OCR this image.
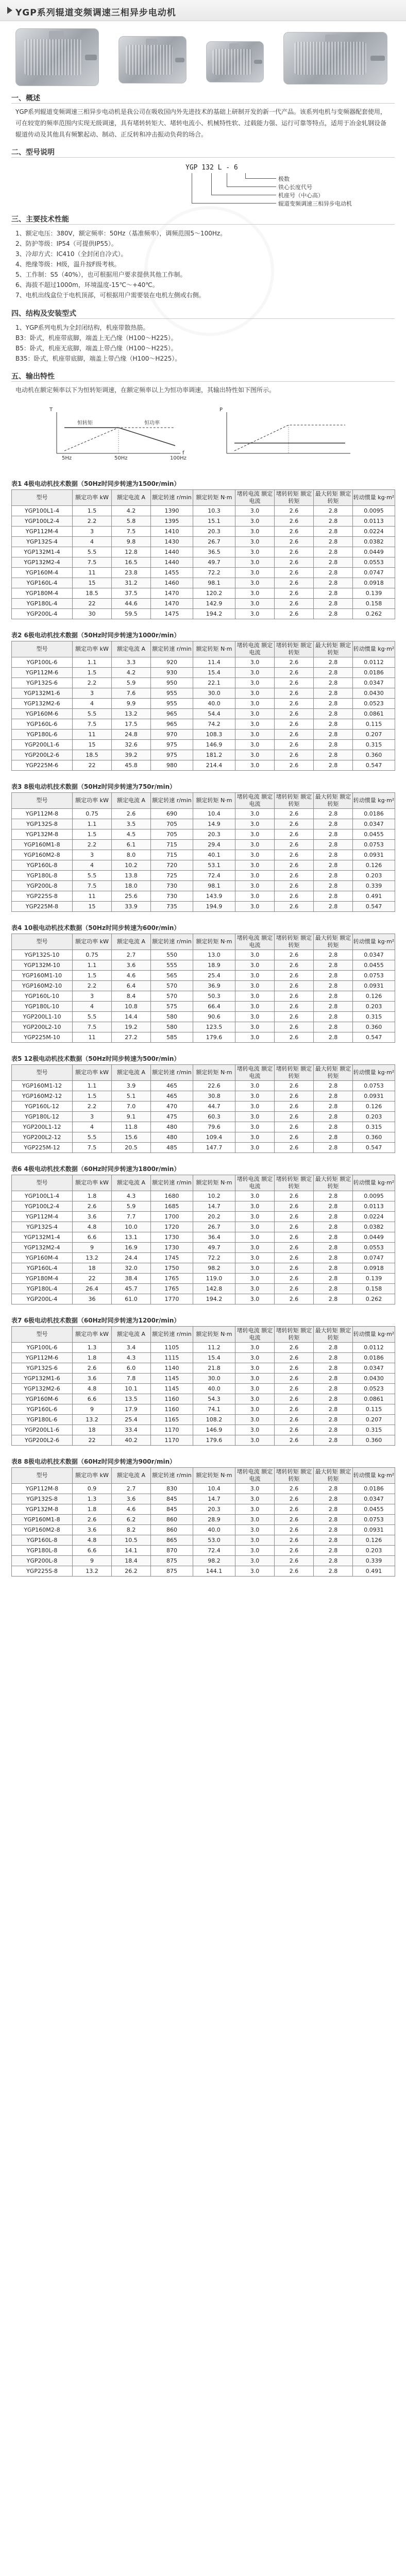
YGP系列辊道变频调速三相异步电动机
一、概述
YGP系列辊道变频调速三相异步电动机是我公司在吸收国内外先进技术的基础上研制开发的新一代产品。该系列电机与变频器配套使用，可在较宽的频率范围内实现无级调速，具有堵转转矩大、堵转电流小、机械特性软、过载能力强、运行可靠等特点，适用于冶金轧钢设备辊道传动及其他具有频繁起动、制动、正反转和冲击振动负荷的场合。
二、型号说明
YGP 132 L - 6
极数
铁心长度代号
机座号（中心高）
辊道变频调速三相异步电动机
三、主要技术性能
1、额定电压：380V，额定频率：50Hz（基准频率），调频范围5～100Hz。
2、防护等级：IP54（可提供IP55）。
3、冷却方式：IC410（全封闭自冷式）。
4、绝缘等级：H级，温升按F级考核。
5、工作制：S5（40%），也可根据用户要求提供其他工作制。
6、海拔不超过1000m，环境温度-15℃～+40℃。
7、电机出线盒位于电机顶部，可根据用户需要装在电机左侧或右侧。
四、结构及安装型式
1、YGP系列电机为全封闭结构，机座带散热筋。
B3：卧式，机座带底脚，端盖上无凸缘（H100～H225）。
B5：卧式，机座无底脚，端盖上带凸缘（H100～H225）。
B35：卧式，机座带底脚，端盖上带凸缘（H100～H225）。
五、输出特性
电动机在额定频率以下为恒转矩调速，在额定频率以上为恒功率调速，其输出特性如下图所示。
T	P
f
恒转矩	恒功率
5Hz	50Hz	100Hz
表1 4极电动机技术数据（50Hz时同步转速为1500r/min）
型号	额定功率 kW	额定电流 A	额定转速 r/min	额定转矩 N·m	堵转电流 额定电流	堵转转矩 额定转矩	最大转矩 额定转矩	转动惯量 kg·m²
YGP100L1-4	1.5	4.2	1390	10.3	3.0	2.6	2.8	0.0095
YGP100L2-4	2.2	5.8	1395	15.1	3.0	2.6	2.8	0.0113
YGP112M-4	3	7.5	1410	20.3	3.0	2.6	2.8	0.0224
YGP132S-4	4	9.8	1430	26.7	3.0	2.6	2.8	0.0382
YGP132M1-4	5.5	12.8	1440	36.5	3.0	2.6	2.8	0.0449
YGP132M2-4	7.5	16.5	1440	49.7	3.0	2.6	2.8	0.0553
YGP160M-4	11	23.8	1455	72.2	3.0	2.6	2.8	0.0747
YGP160L-4	15	31.2	1460	98.1	3.0	2.6	2.8	0.0918
YGP180M-4	18.5	37.5	1470	120.2	3.0	2.6	2.8	0.139
YGP180L-4	22	44.6	1470	142.9	3.0	2.6	2.8	0.158
YGP200L-4	30	59.5	1475	194.2	3.0	2.6	2.8	0.262
表2 6极电动机技术数据（50Hz时同步转速为1000r/min）
型号	额定功率 kW	额定电流 A	额定转速 r/min	额定转矩 N·m	堵转电流 额定电流	堵转转矩 额定转矩	最大转矩 额定转矩	转动惯量 kg·m²
YGP100L-6	1.1	3.3	920	11.4	3.0	2.6	2.8	0.0112
YGP112M-6	1.5	4.2	930	15.4	3.0	2.6	2.8	0.0186
YGP132S-6	2.2	5.9	950	22.1	3.0	2.6	2.8	0.0347
YGP132M1-6	3	7.6	955	30.0	3.0	2.6	2.8	0.0430
YGP132M2-6	4	9.9	955	40.0	3.0	2.6	2.8	0.0523
YGP160M-6	5.5	13.2	965	54.4	3.0	2.6	2.8	0.0861
YGP160L-6	7.5	17.5	965	74.2	3.0	2.6	2.8	0.115
YGP180L-6	11	24.8	970	108.3	3.0	2.6	2.8	0.207
YGP200L1-6	15	32.6	975	146.9	3.0	2.6	2.8	0.315
YGP200L2-6	18.5	39.2	975	181.2	3.0	2.6	2.8	0.360
YGP225M-6	22	45.8	980	214.4	3.0	2.6	2.8	0.547
表3 8极电动机技术数据（50Hz时同步转速为750r/min）
型号	额定功率 kW	额定电流 A	额定转速 r/min	额定转矩 N·m	堵转电流 额定电流	堵转转矩 额定转矩	最大转矩 额定转矩	转动惯量 kg·m²
YGP112M-8	0.75	2.6	690	10.4	3.0	2.6	2.8	0.0186
YGP132S-8	1.1	3.5	705	14.9	3.0	2.6	2.8	0.0347
YGP132M-8	1.5	4.5	705	20.3	3.0	2.6	2.8	0.0455
YGP160M1-8	2.2	6.1	715	29.4	3.0	2.6	2.8	0.0753
YGP160M2-8	3	8.0	715	40.1	3.0	2.6	2.8	0.0931
YGP160L-8	4	10.2	720	53.1	3.0	2.6	2.8	0.126
YGP180L-8	5.5	13.8	725	72.4	3.0	2.6	2.8	0.203
YGP200L-8	7.5	18.0	730	98.1	3.0	2.6	2.8	0.339
YGP225S-8	11	25.6	730	143.9	3.0	2.6	2.8	0.491
YGP225M-8	15	33.9	735	194.9	3.0	2.6	2.8	0.547
表4 10极电动机技术数据（50Hz时同步转速为600r/min）
型号	额定功率 kW	额定电流 A	额定转速 r/min	额定转矩 N·m	堵转电流 额定电流	堵转转矩 额定转矩	最大转矩 额定转矩	转动惯量 kg·m²
YGP132S-10	0.75	2.7	550	13.0	3.0	2.6	2.8	0.0347
YGP132M-10	1.1	3.6	555	18.9	3.0	2.6	2.8	0.0455
YGP160M1-10	1.5	4.6	565	25.4	3.0	2.6	2.8	0.0753
YGP160M2-10	2.2	6.4	570	36.9	3.0	2.6	2.8	0.0931
YGP160L-10	3	8.4	570	50.3	3.0	2.6	2.8	0.126
YGP180L-10	4	10.8	575	66.4	3.0	2.6	2.8	0.203
YGP200L1-10	5.5	14.4	580	90.6	3.0	2.6	2.8	0.315
YGP200L2-10	7.5	19.2	580	123.5	3.0	2.6	2.8	0.360
YGP225M-10	11	27.2	585	179.6	3.0	2.6	2.8	0.547
表5 12极电动机技术数据（50Hz时同步转速为500r/min）
型号	额定功率 kW	额定电流 A	额定转速 r/min	额定转矩 N·m	堵转电流 额定电流	堵转转矩 额定转矩	最大转矩 额定转矩	转动惯量 kg·m²
YGP160M1-12	1.1	3.9	465	22.6	3.0	2.6	2.8	0.0753
YGP160M2-12	1.5	5.1	465	30.8	3.0	2.6	2.8	0.0931
YGP160L-12	2.2	7.0	470	44.7	3.0	2.6	2.8	0.126
YGP180L-12	3	9.1	475	60.3	3.0	2.6	2.8	0.203
YGP200L1-12	4	11.8	480	79.6	3.0	2.6	2.8	0.315
YGP200L2-12	5.5	15.6	480	109.4	3.0	2.6	2.8	0.360
YGP225M-12	7.5	20.5	485	147.7	3.0	2.6	2.8	0.547
表6 4极电动机技术数据（60Hz时同步转速为1800r/min）
型号	额定功率 kW	额定电流 A	额定转速 r/min	额定转矩 N·m	堵转电流 额定电流	堵转转矩 额定转矩	最大转矩 额定转矩	转动惯量 kg·m²
YGP100L1-4	1.8	4.3	1680	10.2	3.0	2.6	2.8	0.0095
YGP100L2-4	2.6	5.9	1685	14.7	3.0	2.6	2.8	0.0113
YGP112M-4	3.6	7.7	1700	20.2	3.0	2.6	2.8	0.0224
YGP132S-4	4.8	10.0	1720	26.7	3.0	2.6	2.8	0.0382
YGP132M1-4	6.6	13.1	1730	36.4	3.0	2.6	2.8	0.0449
YGP132M2-4	9	16.9	1730	49.7	3.0	2.6	2.8	0.0553
YGP160M-4	13.2	24.4	1745	72.2	3.0	2.6	2.8	0.0747
YGP160L-4	18	32.0	1750	98.2	3.0	2.6	2.8	0.0918
YGP180M-4	22	38.4	1765	119.0	3.0	2.6	2.8	0.139
YGP180L-4	26.4	45.7	1765	142.8	3.0	2.6	2.8	0.158
YGP200L-4	36	61.0	1770	194.2	3.0	2.6	2.8	0.262
表7 6极电动机技术数据（60Hz时同步转速为1200r/min）
型号	额定功率 kW	额定电流 A	额定转速 r/min	额定转矩 N·m	堵转电流 额定电流	堵转转矩 额定转矩	最大转矩 额定转矩	转动惯量 kg·m²
YGP100L-6	1.3	3.4	1105	11.2	3.0	2.6	2.8	0.0112
YGP112M-6	1.8	4.3	1115	15.4	3.0	2.6	2.8	0.0186
YGP132S-6	2.6	6.0	1140	21.8	3.0	2.6	2.8	0.0347
YGP132M1-6	3.6	7.8	1145	30.0	3.0	2.6	2.8	0.0430
YGP132M2-6	4.8	10.1	1145	40.0	3.0	2.6	2.8	0.0523
YGP160M-6	6.6	13.5	1160	54.3	3.0	2.6	2.8	0.0861
YGP160L-6	9	17.9	1160	74.1	3.0	2.6	2.8	0.115
YGP180L-6	13.2	25.4	1165	108.2	3.0	2.6	2.8	0.207
YGP200L1-6	18	33.4	1170	146.9	3.0	2.6	2.8	0.315
YGP200L2-6	22	40.2	1170	179.6	3.0	2.6	2.8	0.360
表8 8极电动机技术数据（60Hz时同步转速为900r/min）
型号	额定功率 kW	额定电流 A	额定转速 r/min	额定转矩 N·m	堵转电流 额定电流	堵转转矩 额定转矩	最大转矩 额定转矩	转动惯量 kg·m²
YGP112M-8	0.9	2.7	830	10.4	3.0	2.6	2.8	0.0186
YGP132S-8	1.3	3.6	845	14.7	3.0	2.6	2.8	0.0347
YGP132M-8	1.8	4.6	845	20.3	3.0	2.6	2.8	0.0455
YGP160M1-8	2.6	6.2	860	28.9	3.0	2.6	2.8	0.0753
YGP160M2-8	3.6	8.2	860	40.0	3.0	2.6	2.8	0.0931
YGP160L-8	4.8	10.5	865	53.0	3.0	2.6	2.8	0.126
YGP180L-8	6.6	14.1	870	72.4	3.0	2.6	2.8	0.203
YGP200L-8	9	18.4	875	98.2	3.0	2.6	2.8	0.339
YGP225S-8	13.2	26.2	875	144.1	3.0	2.6	2.8	0.491
